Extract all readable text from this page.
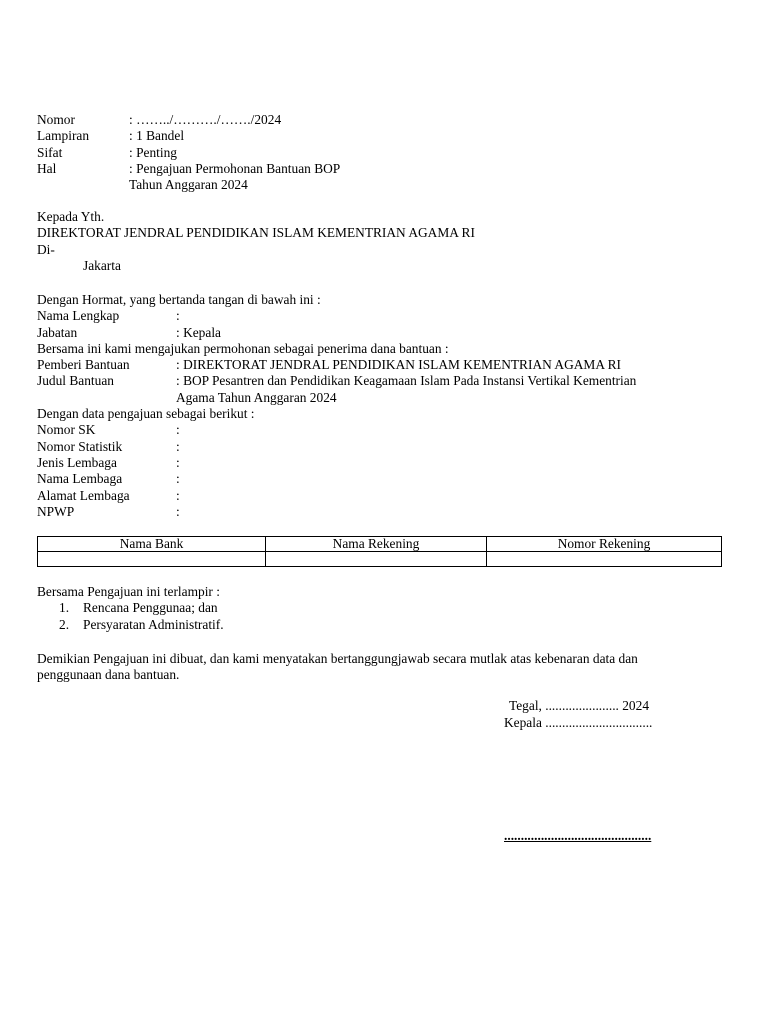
Nomor	: ……../………./……./2024
Lampiran	: 1 Bandel
Sifat	: Penting
Hal	: Pengajuan Permohonan Bantuan BOP
Tahun Anggaran 2024
Kepada Yth.
DIREKTORAT JENDRAL PENDIDIKAN ISLAM KEMENTRIAN AGAMA RI
Di-
Jakarta
Dengan Hormat, yang bertanda tangan di bawah ini :
Nama Lengkap	:
Jabatan	: Kepala
Bersama ini kami mengajukan permohonan sebagai penerima dana bantuan :
Pemberi Bantuan	: DIREKTORAT JENDRAL PENDIDIKAN ISLAM KEMENTRIAN AGAMA RI
Judul Bantuan	: BOP Pesantren dan Pendidikan Keagamaan Islam Pada Instansi Vertikal Kementrian
Agama Tahun Anggaran 2024
Dengan data pengajuan sebagai berikut :
Nomor SK	:
Nomor Statistik	:
Jenis Lembaga	:
Nama Lembaga	:
Alamat Lembaga	:
NPWP	:
Nama Bank	Nama Rekening	Nomor Rekening

Bersama Pengajuan ini terlampir :
1. Rencana Penggunaa; dan
2. Persyaratan Administratif.
Demikian Pengajuan ini dibuat, dan kami menyatakan bertanggungjawab secara mutlak atas kebenaran data dan
penggunaan dana bantuan.
Tegal, ...................... 2024
Kepala ................................
............................................
